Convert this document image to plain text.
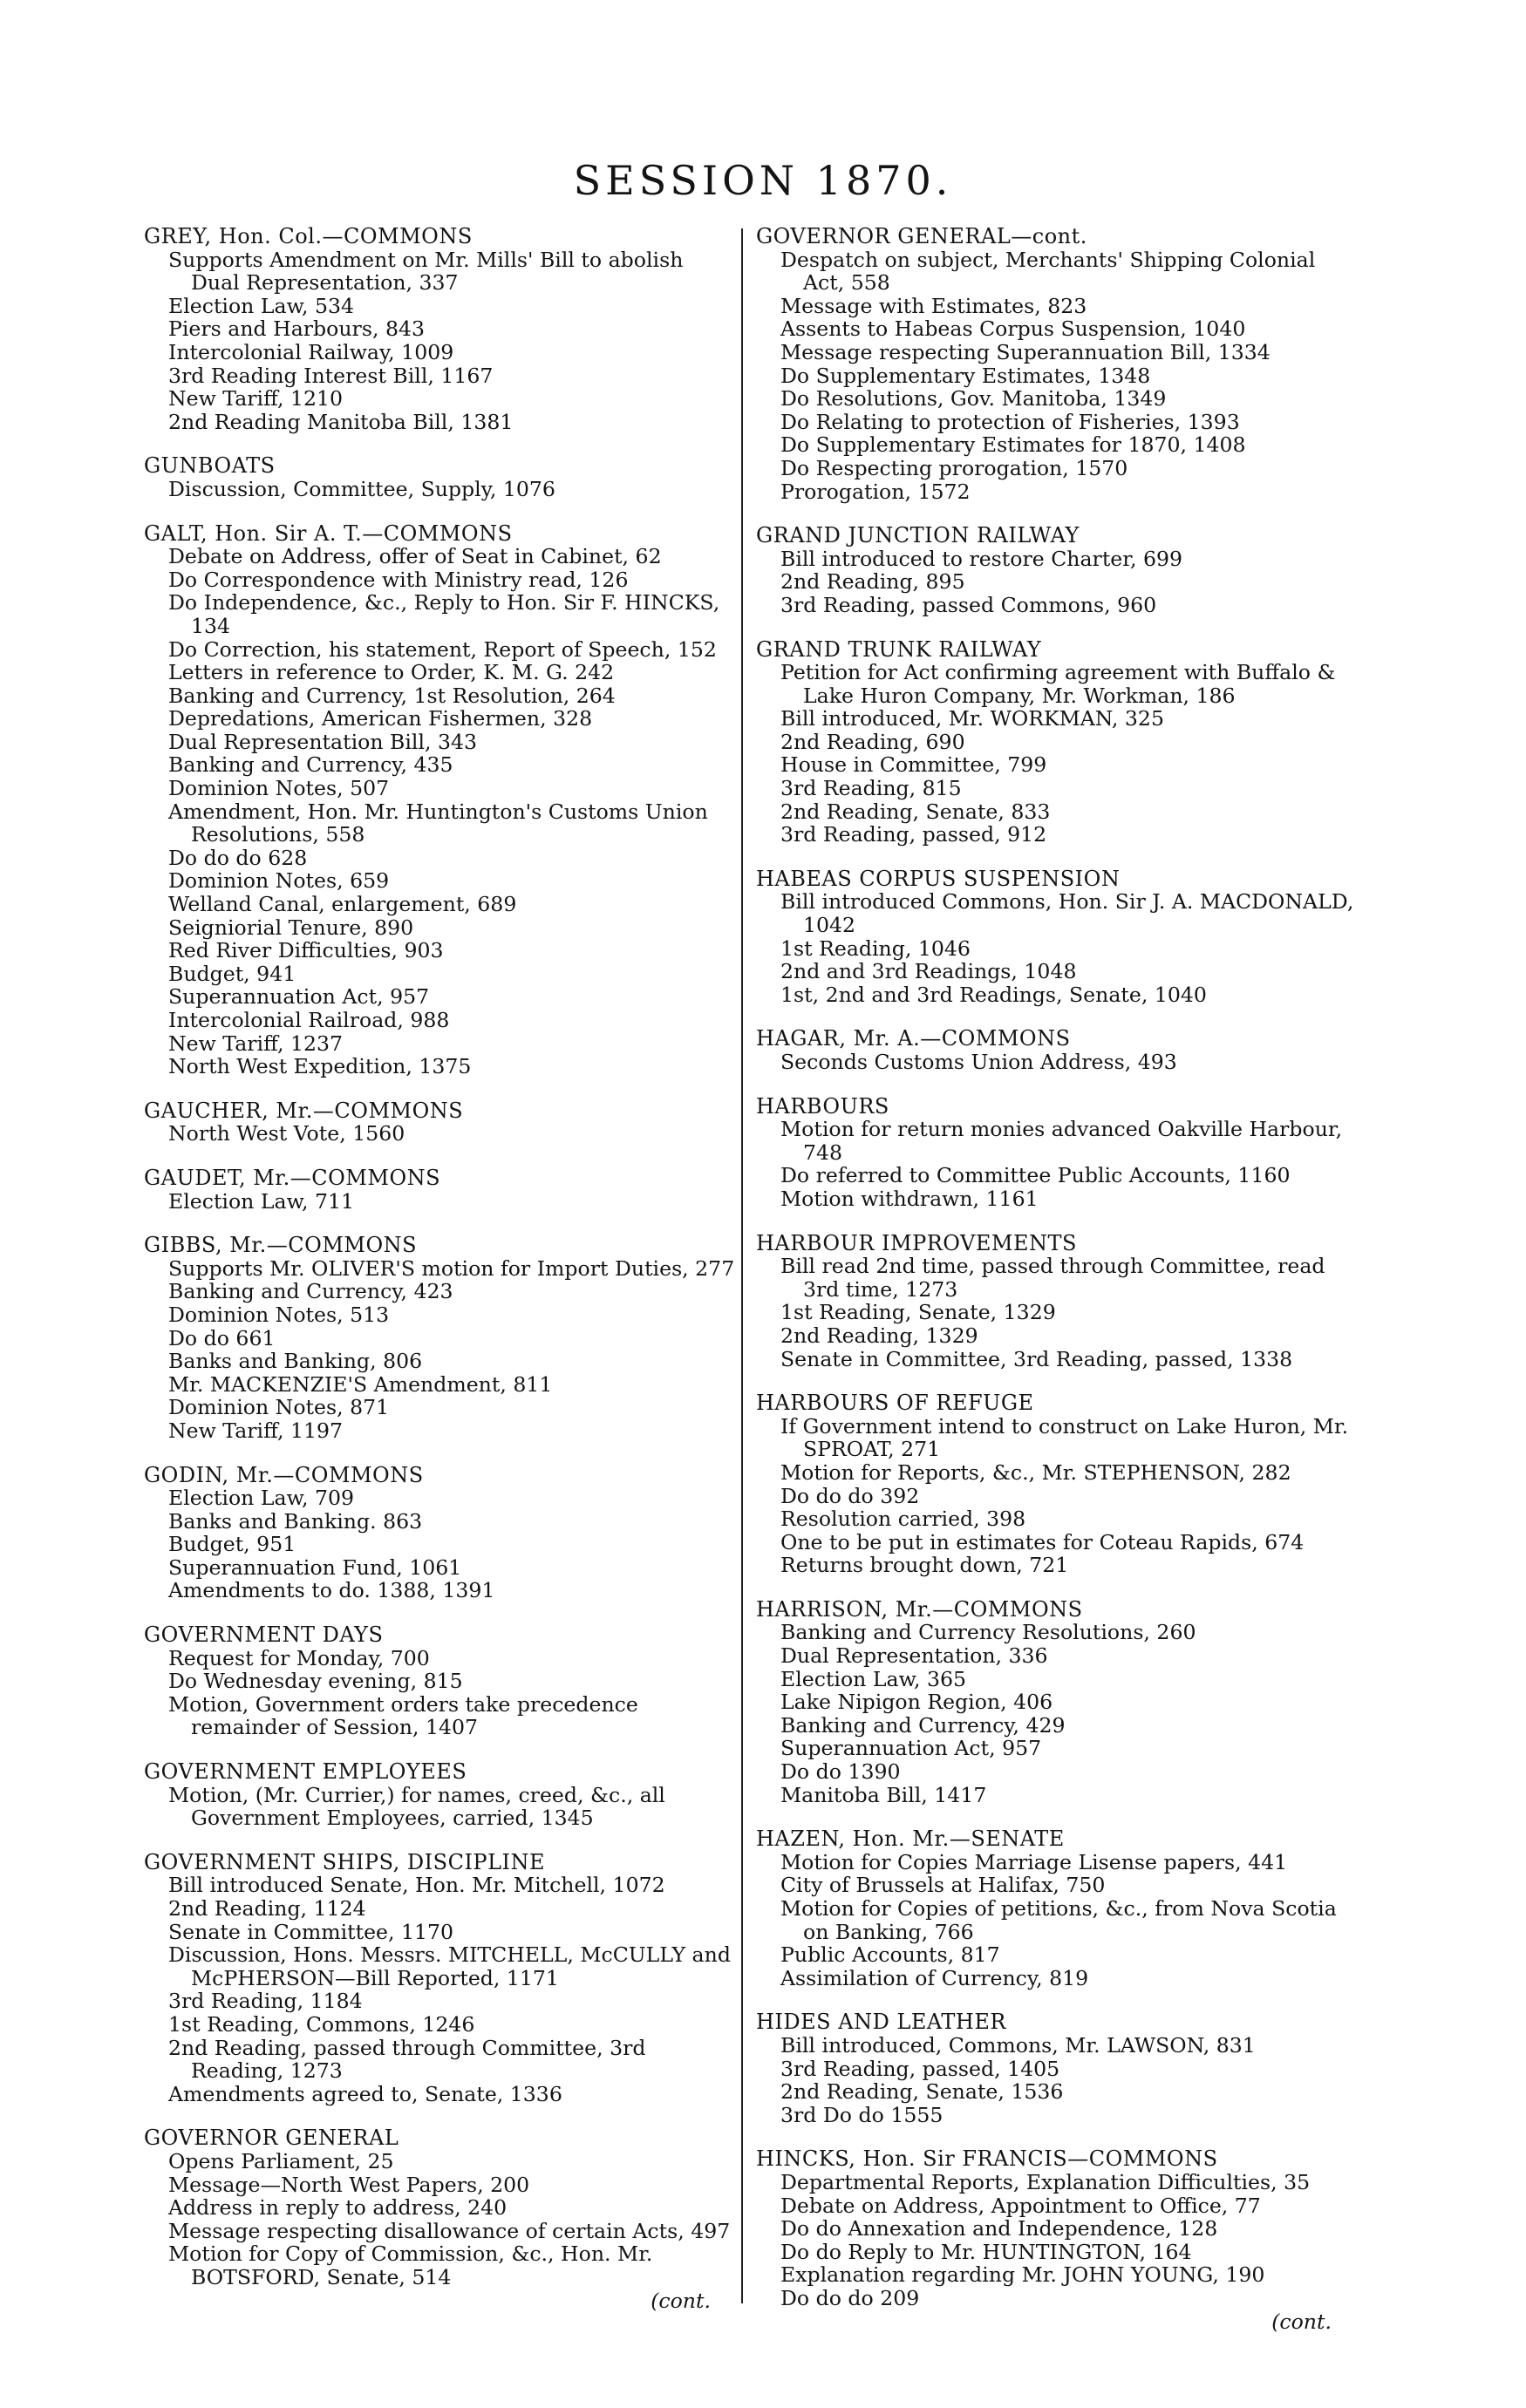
SESSION 1870.
GREY, Hon. Col.—COMMONS
Supports Amendment on Mr. Mills' Bill to abolish Dual Representation, 337
Election Law, 534
Piers and Harbours, 843
Intercolonial Railway, 1009
3rd Reading Interest Bill, 1167
New Tariff, 1210
2nd Reading Manitoba Bill, 1381
GUNBOATS
Discussion, Committee, Supply, 1076
GALT, Hon. Sir A. T.—COMMONS
Debate on Address, offer of Seat in Cabinet, 62
Do Correspondence with Ministry read, 126
Do Independence, &c., Reply to Hon. Sir F. HINCKS, 134
Do Correction, his statement, Report of Speech, 152
Letters in reference to Order, K. M. G. 242
Banking and Currency, 1st Resolution, 264
Depredations, American Fishermen, 328
Dual Representation Bill, 343
Banking and Currency, 435
Dominion Notes, 507
Amendment, Hon. Mr. Huntington's Customs Union Resolutions, 558
Do do do 628
Dominion Notes, 659
Welland Canal, enlargement, 689
Seigniorial Tenure, 890
Red River Difficulties, 903
Budget, 941
Superannuation Act, 957
Intercolonial Railroad, 988
New Tariff, 1237
North West Expedition, 1375
GAUCHER, Mr.—COMMONS
North West Vote, 1560
GAUDET, Mr.—COMMONS
Election Law, 711
GIBBS, Mr.—COMMONS
Supports Mr. OLIVER'S motion for Import Duties, 277
Banking and Currency, 423
Dominion Notes, 513
Do do 661
Banks and Banking, 806
Mr. MACKENZIE'S Amendment, 811
Dominion Notes, 871
New Tariff, 1197
GODIN, Mr.—COMMONS
Election Law, 709
Banks and Banking. 863
Budget, 951
Superannuation Fund, 1061
Amendments to do. 1388, 1391
GOVERNMENT DAYS
Request for Monday, 700
Do Wednesday evening, 815
Motion, Government orders take precedence remainder of Session, 1407
GOVERNMENT EMPLOYEES
Motion, (Mr. Currier,) for names, creed, &c., all Government Employees, carried, 1345
GOVERNMENT SHIPS, DISCIPLINE
Bill introduced Senate, Hon. Mr. Mitchell, 1072
2nd Reading, 1124
Senate in Committee, 1170
Discussion, Hons. Messrs. MITCHELL, McCULLY and McPHERSON—Bill Reported, 1171
3rd Reading, 1184
1st Reading, Commons, 1246
2nd Reading, passed through Committee, 3rd Reading, 1273
Amendments agreed to, Senate, 1336
GOVERNOR GENERAL
Opens Parliament, 25
Message—North West Papers, 200
Address in reply to address, 240
Message respecting disallowance of certain Acts, 497
Motion for Copy of Commission, &c., Hon. Mr. BOTSFORD, Senate, 514
(cont.
GOVERNOR GENERAL—cont.
Despatch on subject, Merchants' Shipping Colonial Act, 558
Message with Estimates, 823
Assents to Habeas Corpus Suspension, 1040
Message respecting Superannuation Bill, 1334
Do Supplementary Estimates, 1348
Do Resolutions, Gov. Manitoba, 1349
Do Relating to protection of Fisheries, 1393
Do Supplementary Estimates for 1870, 1408
Do Respecting prorogation, 1570
Prorogation, 1572
GRAND JUNCTION RAILWAY
Bill introduced to restore Charter, 699
2nd Reading, 895
3rd Reading, passed Commons, 960
GRAND TRUNK RAILWAY
Petition for Act confirming agreement with Buffalo & Lake Huron Company, Mr. Workman, 186
Bill introduced, Mr. WORKMAN, 325
2nd Reading, 690
House in Committee, 799
3rd Reading, 815
2nd Reading, Senate, 833
3rd Reading, passed, 912
HABEAS CORPUS SUSPENSION
Bill introduced Commons, Hon. Sir J. A. MACDONALD, 1042
1st Reading, 1046
2nd and 3rd Readings, 1048
1st, 2nd and 3rd Readings, Senate, 1040
HAGAR, Mr. A.—COMMONS
Seconds Customs Union Address, 493
HARBOURS
Motion for return monies advanced Oakville Harbour, 748
Do referred to Committee Public Accounts, 1160
Motion withdrawn, 1161
HARBOUR IMPROVEMENTS
Bill read 2nd time, passed through Committee, read 3rd time, 1273
1st Reading, Senate, 1329
2nd Reading, 1329
Senate in Committee, 3rd Reading, passed, 1338
HARBOURS OF REFUGE
If Government intend to construct on Lake Huron, Mr. SPROAT, 271
Motion for Reports, &c., Mr. STEPHENSON, 282
Do do do 392
Resolution carried, 398
One to be put in estimates for Coteau Rapids, 674
Returns brought down, 721
HARRISON, Mr.—COMMONS
Banking and Currency Resolutions, 260
Dual Representation, 336
Election Law, 365
Lake Nipigon Region, 406
Banking and Currency, 429
Superannuation Act, 957
Do do 1390
Manitoba Bill, 1417
HAZEN, Hon. Mr.—SENATE
Motion for Copies Marriage Lisense papers, 441
City of Brussels at Halifax, 750
Motion for Copies of petitions, &c., from Nova Scotia on Banking, 766
Public Accounts, 817
Assimilation of Currency, 819
HIDES AND LEATHER
Bill introduced, Commons, Mr. LAWSON, 831
3rd Reading, passed, 1405
2nd Reading, Senate, 1536
3rd Do do 1555
HINCKS, Hon. Sir FRANCIS—COMMONS
Departmental Reports, Explanation Difficulties, 35
Debate on Address, Appointment to Office, 77
Do do Annexation and Independence, 128
Do do Reply to Mr. HUNTINGTON, 164
Explanation regarding Mr. JOHN YOUNG, 190
Do do do 209
(cont.
